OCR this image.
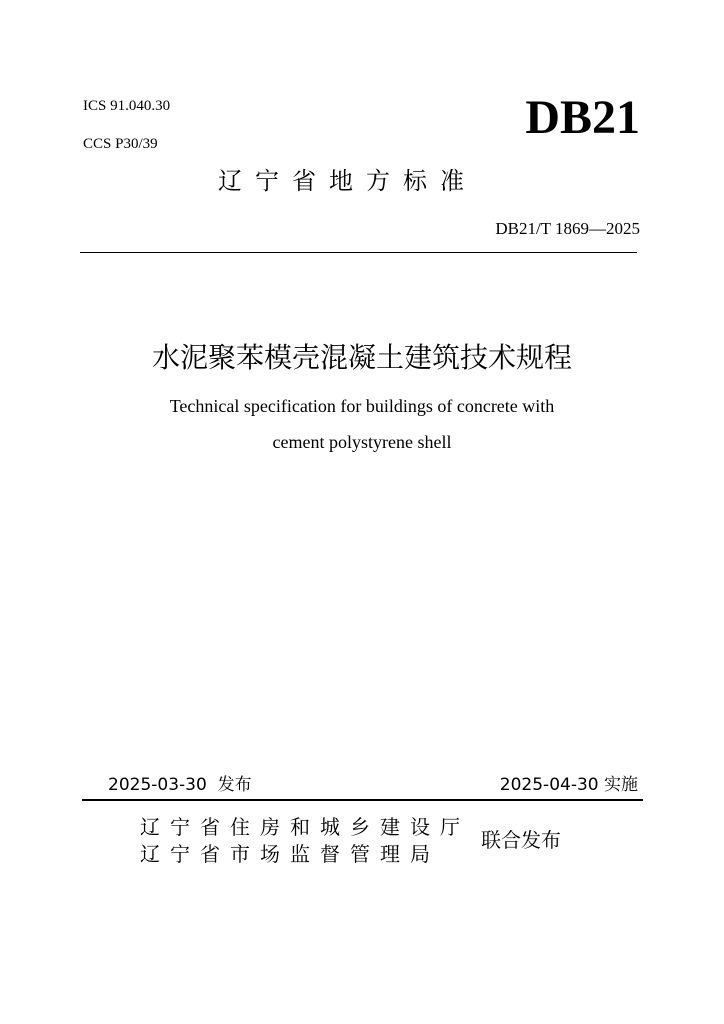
ICS 91.040.30
CCS P30/39	DB21
辽宁省地方标准
DB21/T 1869—2025
水泥聚苯模壳混凝土建筑技术规程
Technical specification for buildings of concrete with
cement polystyrene shell
2025-03-30  发布	2025-04-30 实施
辽宁省住房和城乡建设厅
辽宁省市场监督管理局
联合发布
